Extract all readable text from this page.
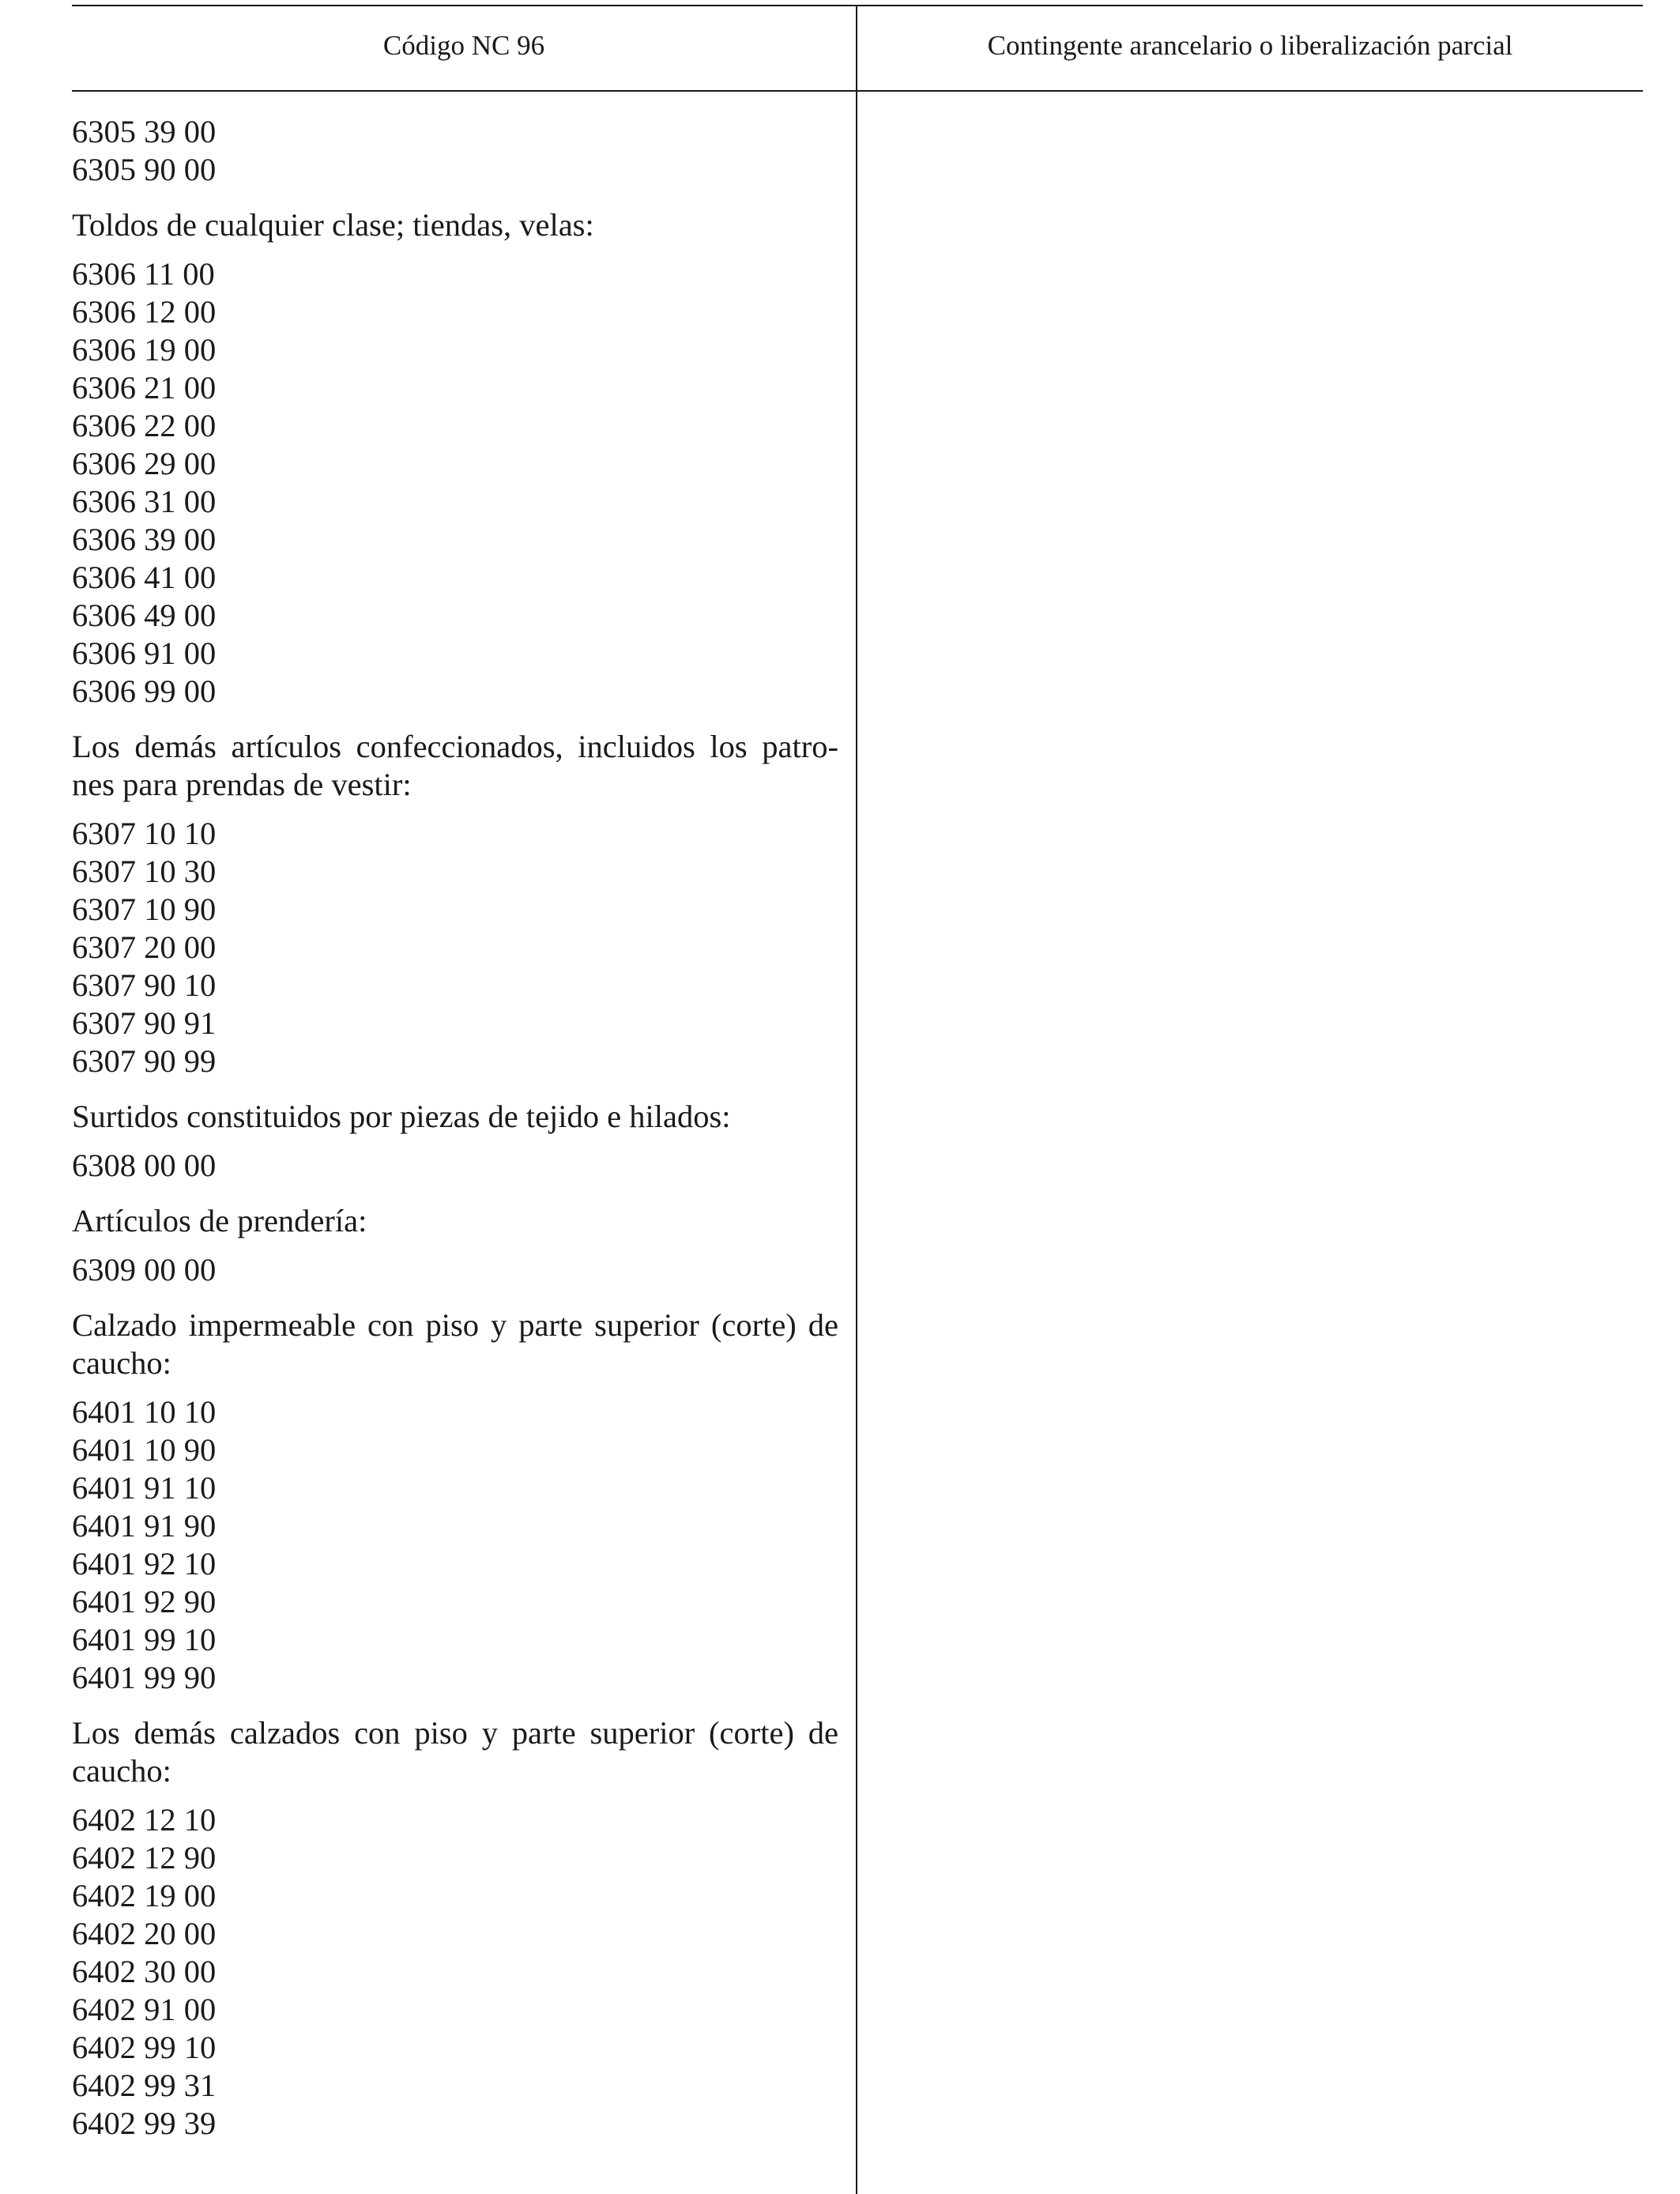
Código NC 96	Contingente arancelario o liberalización parcial
6305 39 00
6305 90 00
Toldos de cualquier clase; tiendas, velas:
6306 11 00
6306 12 00
6306 19 00
6306 21 00
6306 22 00
6306 29 00
6306 31 00
6306 39 00
6306 41 00
6306 49 00
6306 91 00
6306 99 00
Los demás artículos confeccionados, incluidos los patro-
nes para prendas de vestir:
6307 10 10
6307 10 30
6307 10 90
6307 20 00
6307 90 10
6307 90 91
6307 90 99
Surtidos constituidos por piezas de tejido e hilados:
6308 00 00
Artículos de prendería:
6309 00 00
Calzado impermeable con piso y parte superior (corte) de
caucho:
6401 10 10
6401 10 90
6401 91 10
6401 91 90
6401 92 10
6401 92 90
6401 99 10
6401 99 90
Los demás calzados con piso y parte superior (corte) de
caucho:
6402 12 10
6402 12 90
6402 19 00
6402 20 00
6402 30 00
6402 91 00
6402 99 10
6402 99 31
6402 99 39
